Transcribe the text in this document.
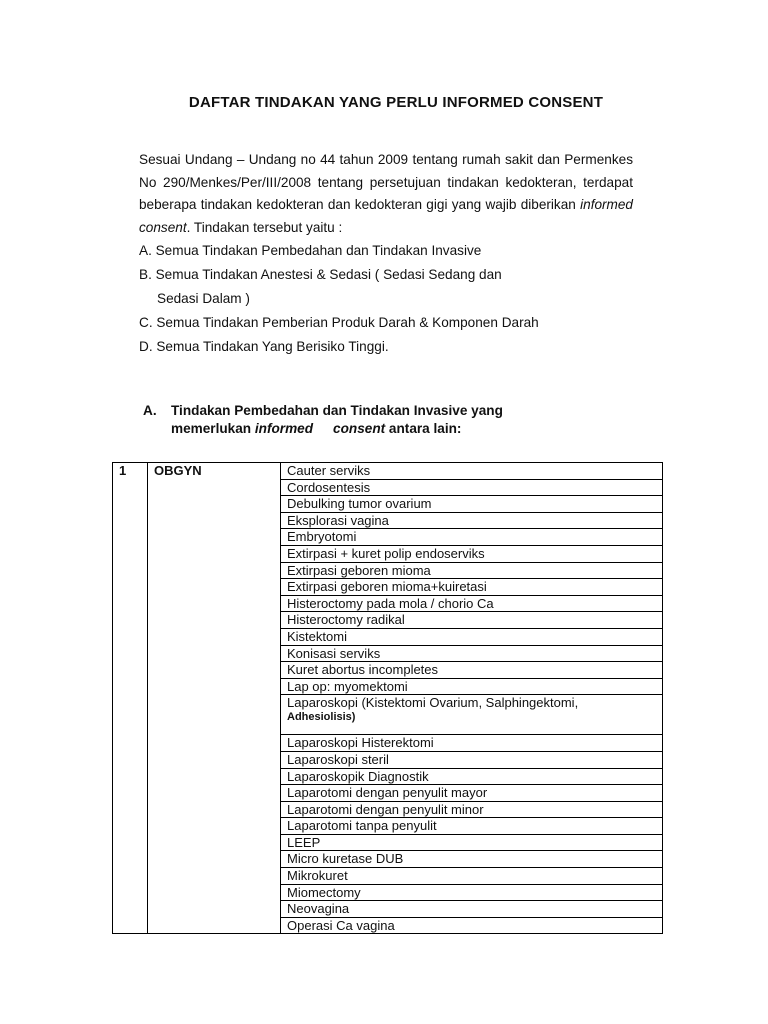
DAFTAR TINDAKAN YANG PERLU INFORMED CONSENT

Sesuai Undang – Undang no 44 tahun 2009 tentang rumah sakit dan Permenkes No 290/Menkes/Per/III/2008 tentang persetujuan tindakan kedokteran, terdapat beberapa tindakan kedokteran dan kedokteran gigi yang wajib diberikan informed consent. Tindakan tersebut yaitu :

A. Semua Tindakan Pembedahan dan Tindakan Invasive
B. Semua Tindakan Anestesi & Sedasi ( Sedasi Sedang dan
Sedasi Dalam )
C. Semua Tindakan Pemberian Produk Darah & Komponen Darah
D. Semua Tindakan Yang Berisiko Tinggi.
A. Tindakan Pembedahan dan Tindakan Invasive yang
memerlukan informed consent antara lain:
1	OBGYN	Cauter serviks
Cordosentesis
Debulking tumor ovarium
Eksplorasi vagina
Embryotomi
Extirpasi + kuret polip endoserviks
Extirpasi geboren mioma
Extirpasi geboren mioma+kuiretasi
Histeroctomy pada mola / chorio Ca
Histeroctomy radikal
Kistektomi
Konisasi serviks
Kuret abortus incompletes
Lap op: myomektomi

Laparoskopi (Kistektomi Ovarium, Salphingektomi,
Adhesiolisis)

Laparoskopi Histerektomi
Laparoskopi steril
Laparoskopik Diagnostik
Laparotomi dengan penyulit mayor
Laparotomi dengan penyulit minor
Laparotomi tanpa penyulit
LEEP
Micro kuretase DUB
Mikrokuret
Miomectomy
Neovagina
Operasi Ca vagina
